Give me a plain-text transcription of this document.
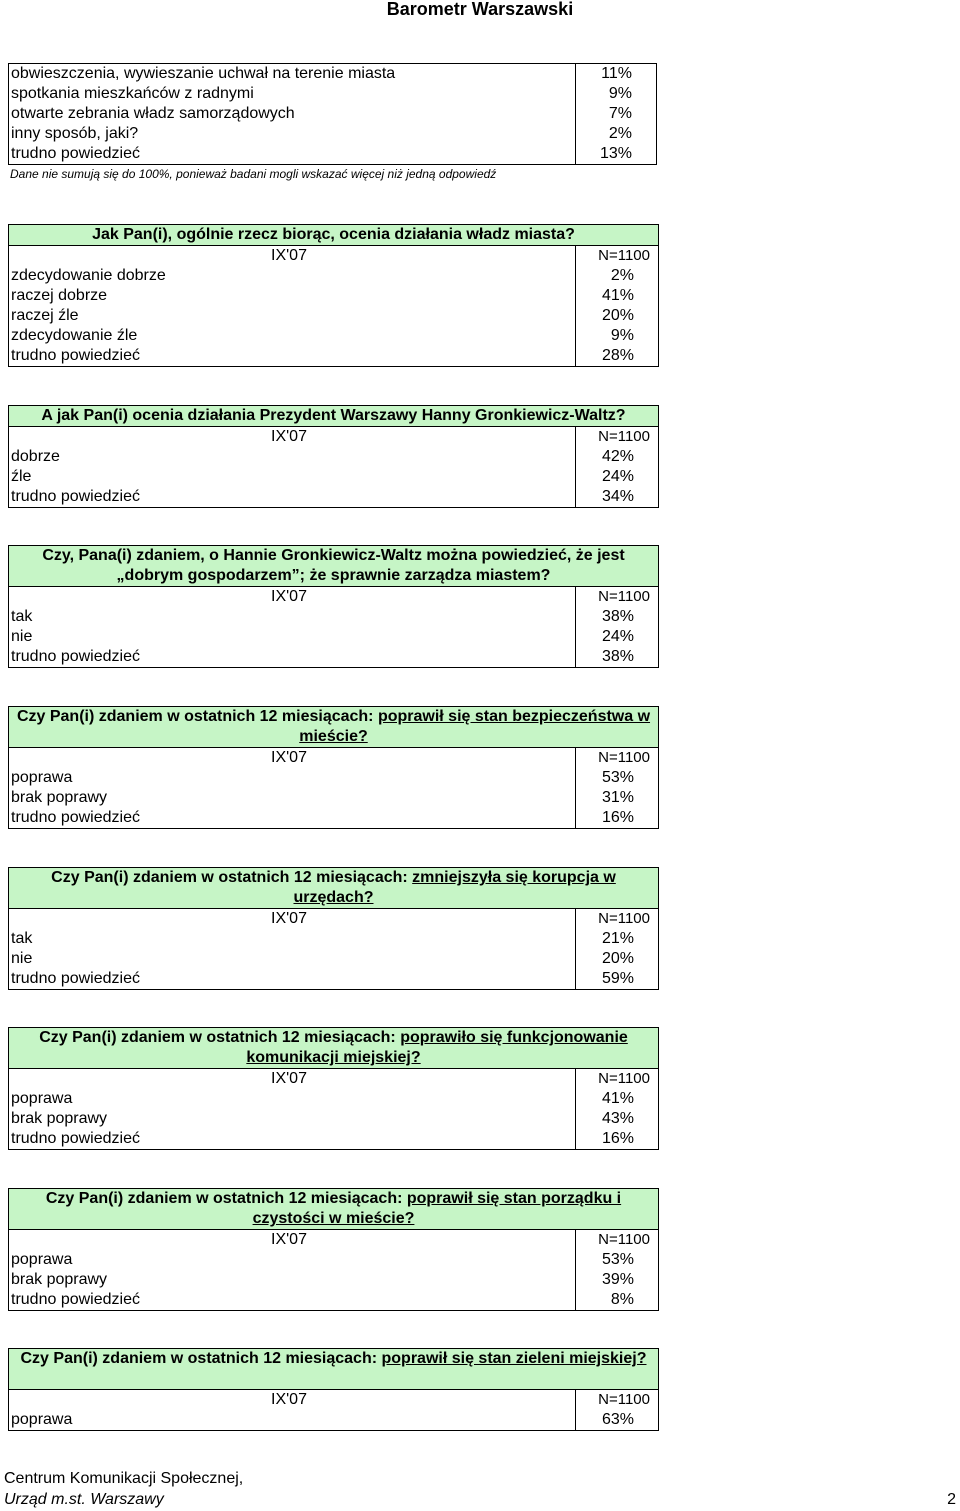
Barometr Warszawski
obwieszczenia, wywieszanie uchwał na terenie miasta	11%
spotkania mieszkańców z radnymi	9%
otwarte zebrania władz samorządowych	7%
inny sposób, jaki?	2%
trudno powiedzieć	13%
Dane nie sumują się do 100%, ponieważ badani mogli wskazać więcej niż jedną odpowiedź
Jak Pan(i), ogólnie rzecz biorąc, ocenia działania władz miasta?
IX'07	N=1100
zdecydowanie dobrze	2%
raczej dobrze	41%
raczej źle	20%
zdecydowanie źle	9%
trudno powiedzieć	28%
A jak Pan(i) ocenia działania Prezydent Warszawy Hanny Gronkiewicz-Waltz?
IX'07	N=1100
dobrze	42%
źle	24%
trudno powiedzieć	34%
Czy, Pana(i) zdaniem, o Hannie Gronkiewicz-Waltz można powiedzieć, że jest
„dobrym gospodarzem”; że sprawnie zarządza miastem?
IX'07	N=1100
tak	38%
nie	24%
trudno powiedzieć	38%
Czy Pan(i) zdaniem w ostatnich 12 miesiącach: poprawił się stan bezpieczeństwa w mieście?
IX'07	N=1100
poprawa	53%
brak poprawy	31%
trudno powiedzieć	16%
Czy Pan(i) zdaniem w ostatnich 12 miesiącach: zmniejszyła się korupcja w urzędach?
IX'07	N=1100
tak	21%
nie	20%
trudno powiedzieć	59%
Czy Pan(i) zdaniem w ostatnich 12 miesiącach: poprawiło się funkcjonowanie komunikacji miejskiej?
IX'07	N=1100
poprawa	41%
brak poprawy	43%
trudno powiedzieć	16%
Czy Pan(i) zdaniem w ostatnich 12 miesiącach: poprawił się stan porządku i czystości w mieście?
IX'07	N=1100
poprawa	53%
brak poprawy	39%
trudno powiedzieć	8%
Czy Pan(i) zdaniem w ostatnich 12 miesiącach: poprawił się stan zieleni miejskiej?
IX'07	N=1100
poprawa	63%
Centrum Komunikacji Społecznej,
Urząd m.st. Warszawy	2
